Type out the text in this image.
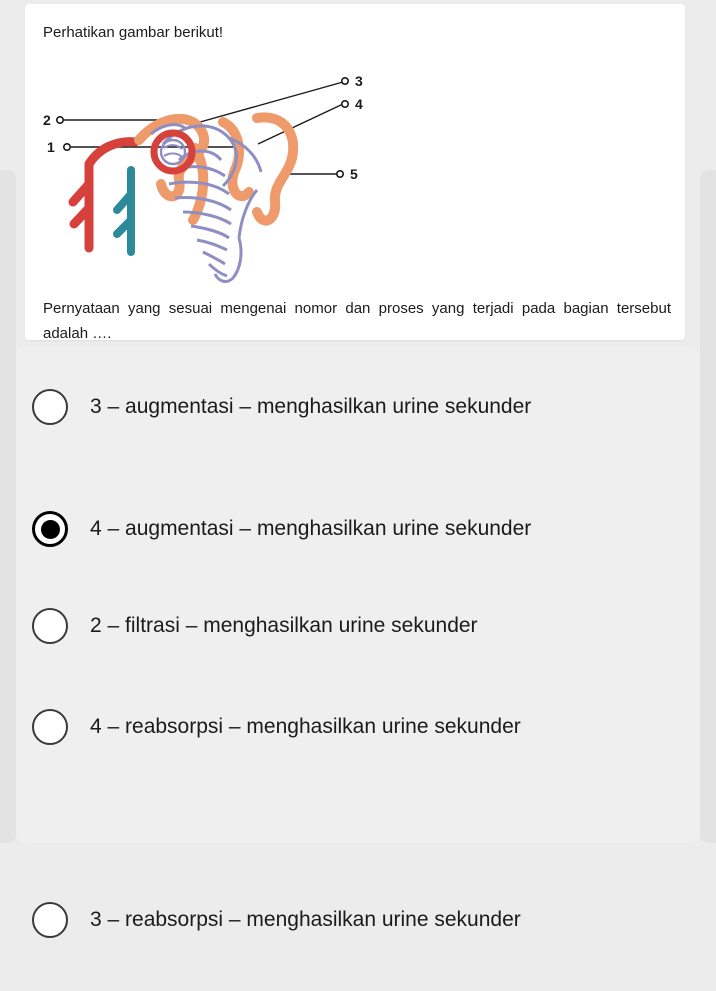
Perhatikan gambar berikut!
1
2
3
4
5
Pernyataan yang sesuai mengenai nomor dan proses yang terjadi pada bagian tersebut adalah ….
3 – augmentasi – menghasilkan urine sekunder
4 – augmentasi – menghasilkan urine sekunder
2 – filtrasi – menghasilkan urine sekunder
4 – reabsorpsi – menghasilkan urine sekunder
3 – reabsorpsi – menghasilkan urine sekunder
